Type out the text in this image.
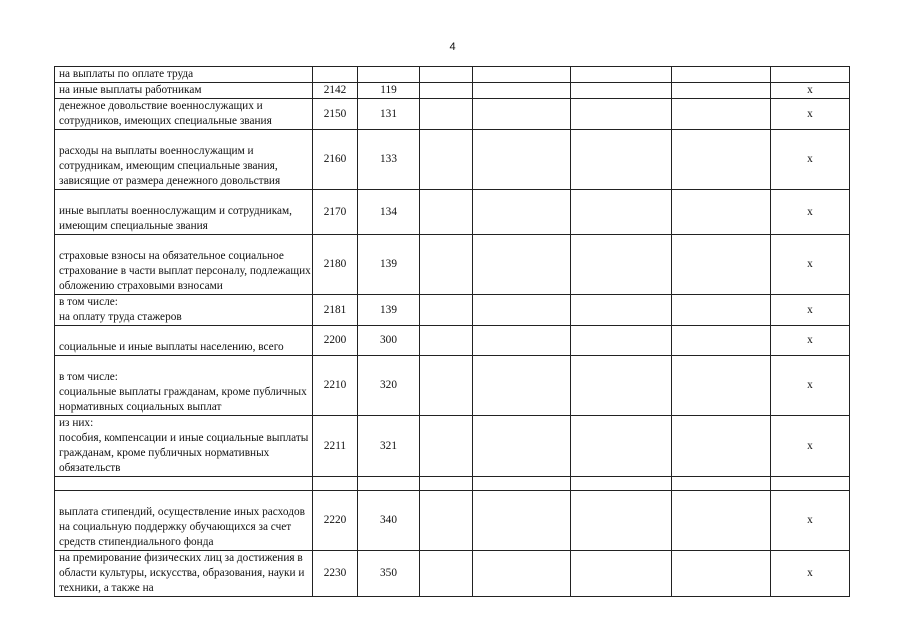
4
на выплаты по оплате труда							
на иные выплаты работникам	2142	119					x
денежное довольствие военнослужащих и сотрудников, имеющих специальные звания	2150	131					x
расходы на выплаты военнослужащим и сотрудникам, имеющим специальные звания, зависящие от размера денежного довольствия	2160	133					x
иные выплаты военнослужащим и сотрудникам, имеющим специальные звания	2170	134					x
страховые взносы на обязательное социальное страхование в части выплат персоналу, подлежащих обложению страховыми взносами	2180	139					x
в том числе:
на оплату труда стажеров	2181	139					x
социальные и иные выплаты населению, всего	2200	300					x
в том числе:
социальные выплаты гражданам, кроме публичных нормативных социальных выплат	2210	320					x
из них:
пособия, компенсации и иные социальные выплаты гражданам, кроме публичных нормативных обязательств	2211	321					x

выплата стипендий, осуществление иных расходов на социальную поддержку обучающихся за счет средств стипендиального фонда	2220	340					x
на премирование физических лиц за достижения в области культуры, искусства, образования, науки и техники, а также на	2230	350					x
